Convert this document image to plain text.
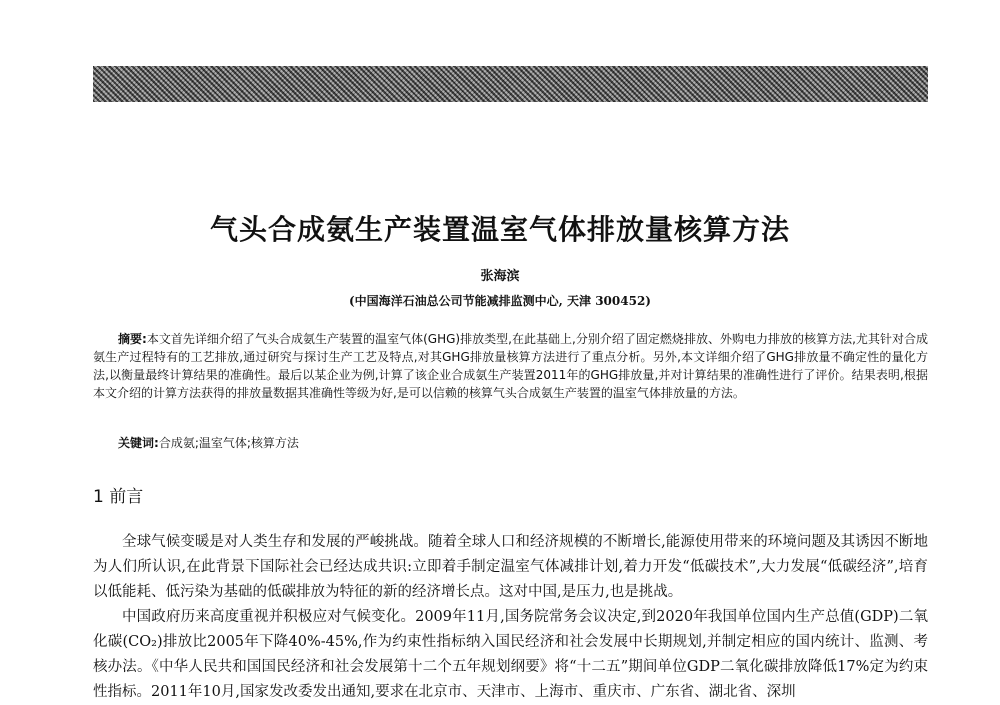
气头合成氨生产装置温室气体排放量核算方法
张海滨
(中国海洋石油总公司节能减排监测中心, 天津 300452)
摘要:本文首先详细介绍了气头合成氨生产装置的温室气体(GHG)排放类型,在此基础上,分别介绍了固定燃烧排放、外购电力排放的核算方法,尤其针对合成氨生产过程特有的工艺排放,通过研究与探讨生产工艺及特点,对其GHG排放量核算方法进行了重点分析。另外,本文详细介绍了GHG排放量不确定性的量化方法,以衡量最终计算结果的准确性。最后以某企业为例,计算了该企业合成氨生产装置2011年的GHG排放量,并对计算结果的准确性进行了评价。结果表明,根据本文介绍的计算方法获得的排放量数据其准确性等级为好,是可以信赖的核算气头合成氨生产装置的温室气体排放量的方法。
关键词:合成氨;温室气体;核算方法
1 前言

全球气候变暖是对人类生存和发展的严峻挑战。随着全球人口和经济规模的不断增长,能源使用带来的环境问题及其诱因不断地为人们所认识,在此背景下国际社会已经达成共识:立即着手制定温室气体减排计划,着力开发“低碳技术”,大力发展“低碳经济”,培育以低能耗、低污染为基础的低碳排放为特征的新的经济增长点。这对中国,是压力,也是挑战。

中国政府历来高度重视并积极应对气候变化。2009年11月,国务院常务会议决定,到2020年我国单位国内生产总值(GDP)二氧化碳(CO₂)排放比2005年下降40%-45%,作为约束性指标纳入国民经济和社会发展中长期规划,并制定相应的国内统计、监测、考核办法。《中华人民共和国国民经济和社会发展第十二个五年规划纲要》将“十二五”期间单位GDP二氧化碳排放降低17%定为约束性指标。2011年10月,国家发改委发出通知,要求在北京市、天津市、上海市、重庆市、广东省、湖北省、深圳
